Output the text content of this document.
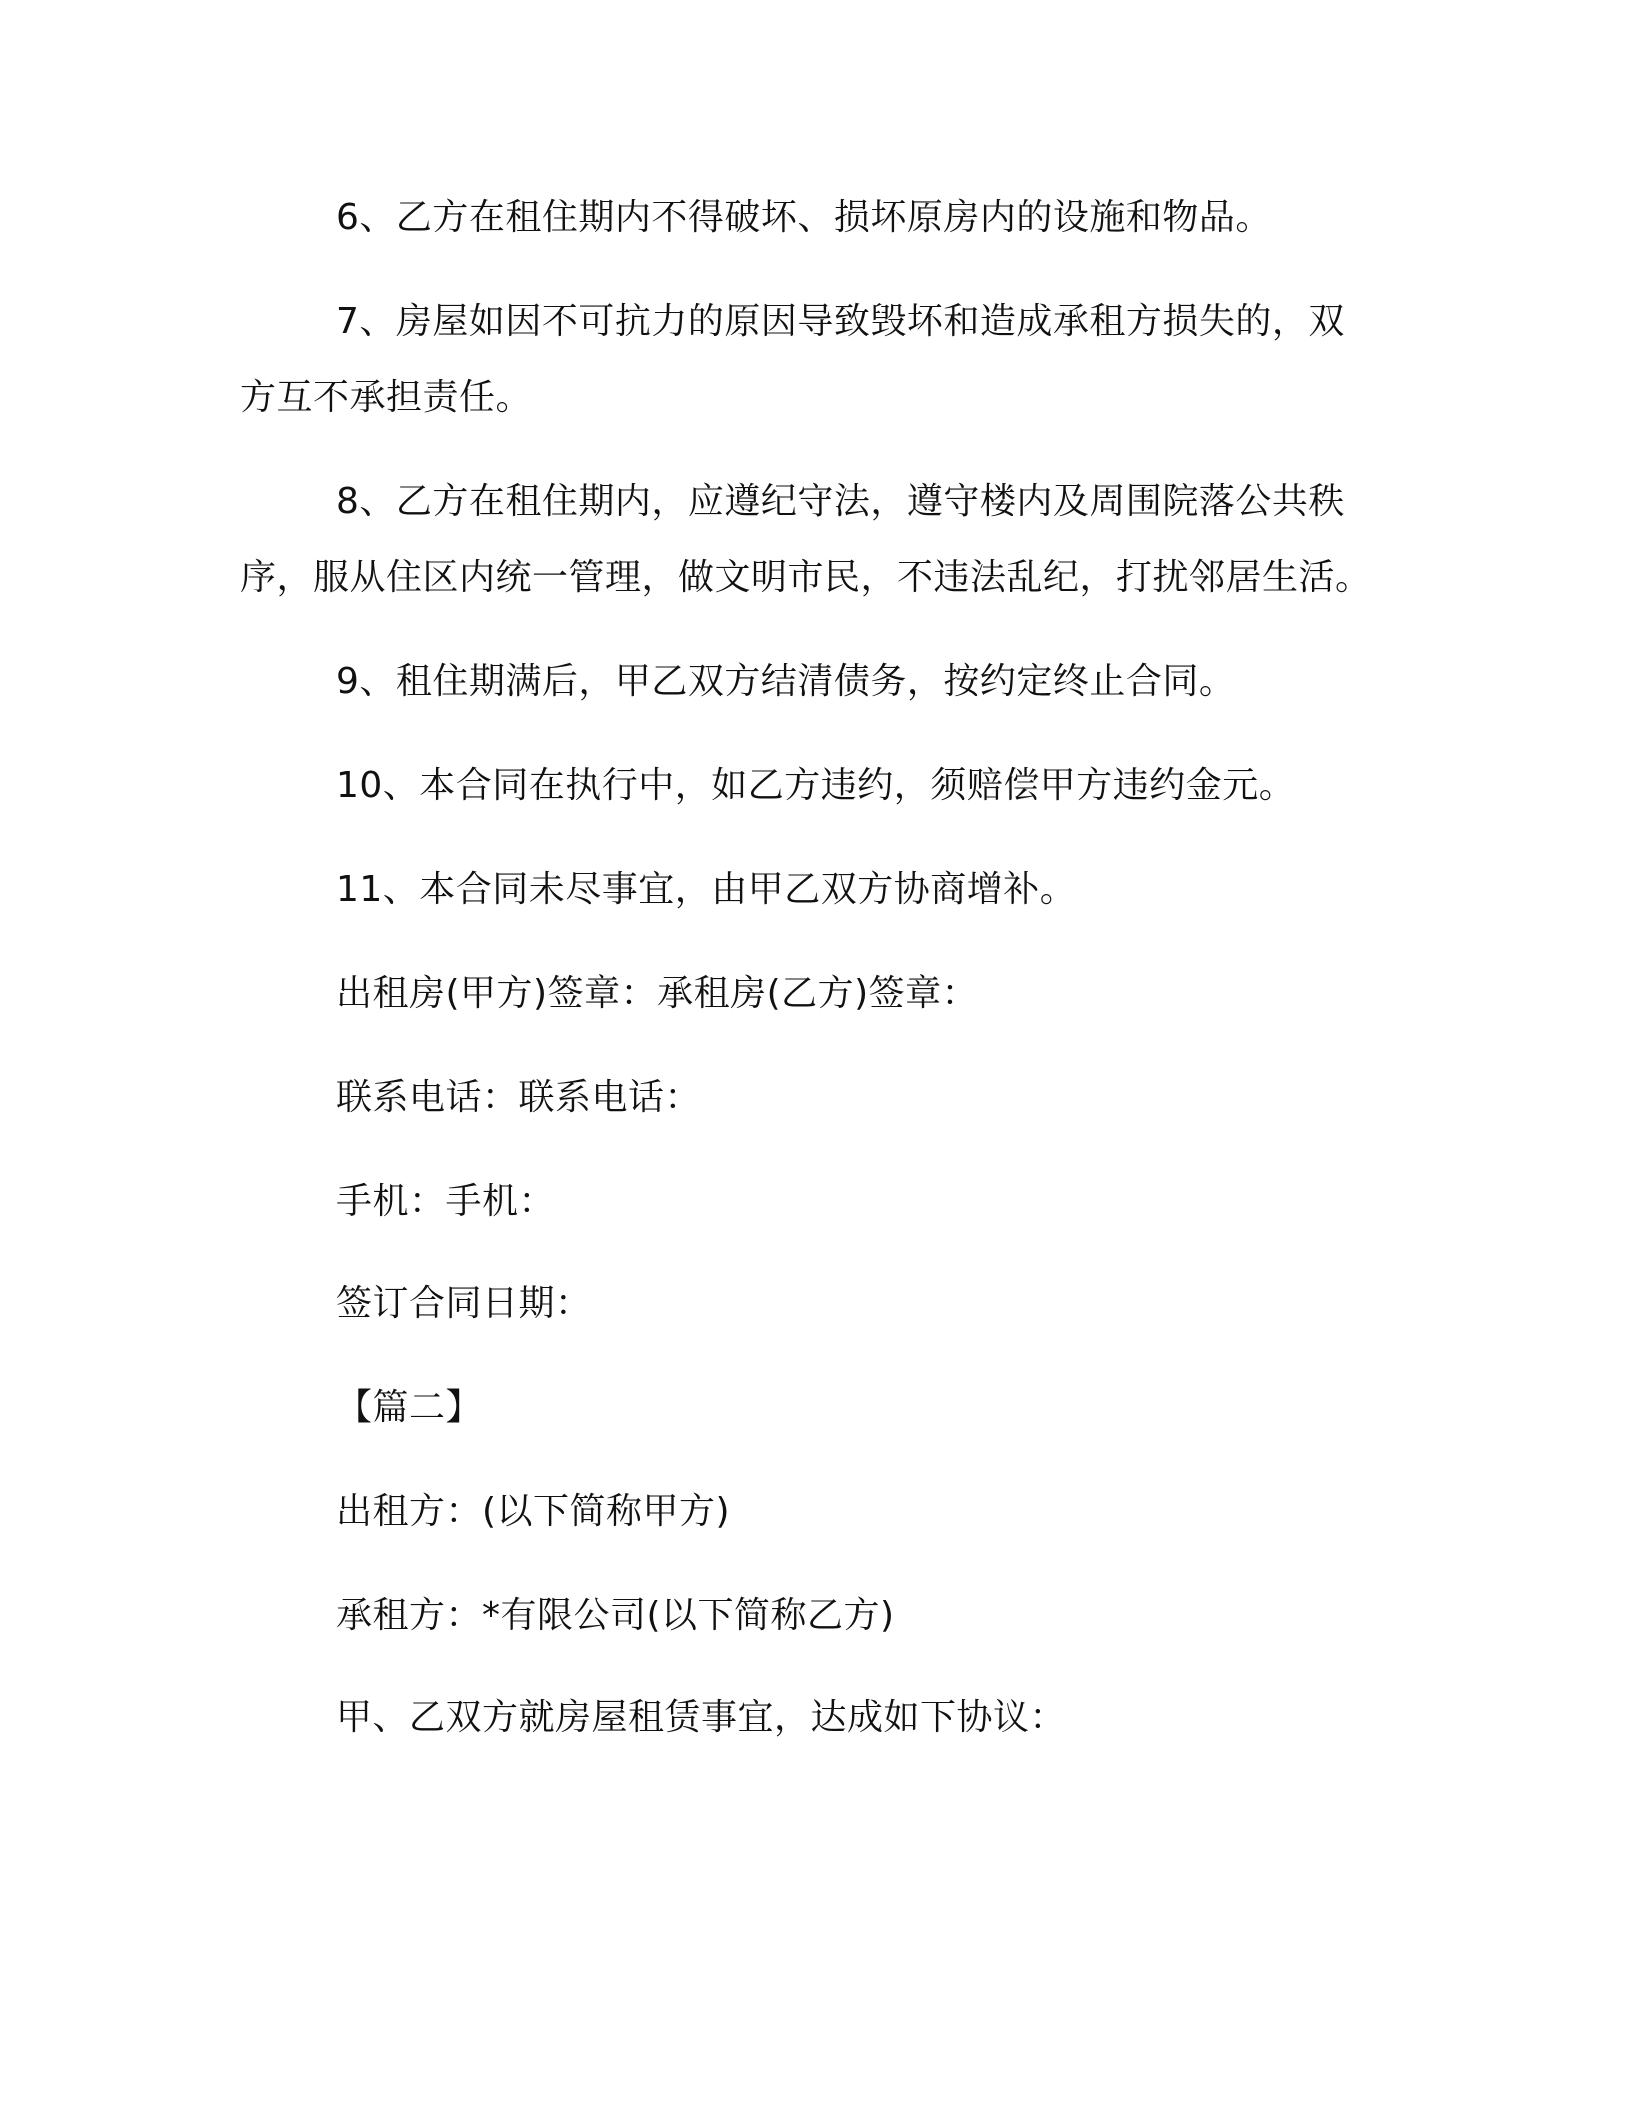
6、乙方在租住期内不得破坏、损坏原房内的设施和物品。

7、房屋如因不可抗力的原因导致毁坏和造成承租方损失的，双方互不承担责任。

8、乙方在租住期内，应遵纪守法，遵守楼内及周围院落公共秩序，服从住区内统一管理，做文明市民，不违法乱纪，打扰邻居生活。

9、租住期满后，甲乙双方结清债务，按约定终止合同。

10、本合同在执行中，如乙方违约，须赔偿甲方违约金元。

11、本合同未尽事宜，由甲乙双方协商增补。

出租房(甲方)签章：承租房(乙方)签章：

联系电话：联系电话：

手机：手机：

签订合同日期：

【篇二】

出租方：(以下简称甲方)

承租方：*有限公司(以下简称乙方)

甲、乙双方就房屋租赁事宜，达成如下协议：
